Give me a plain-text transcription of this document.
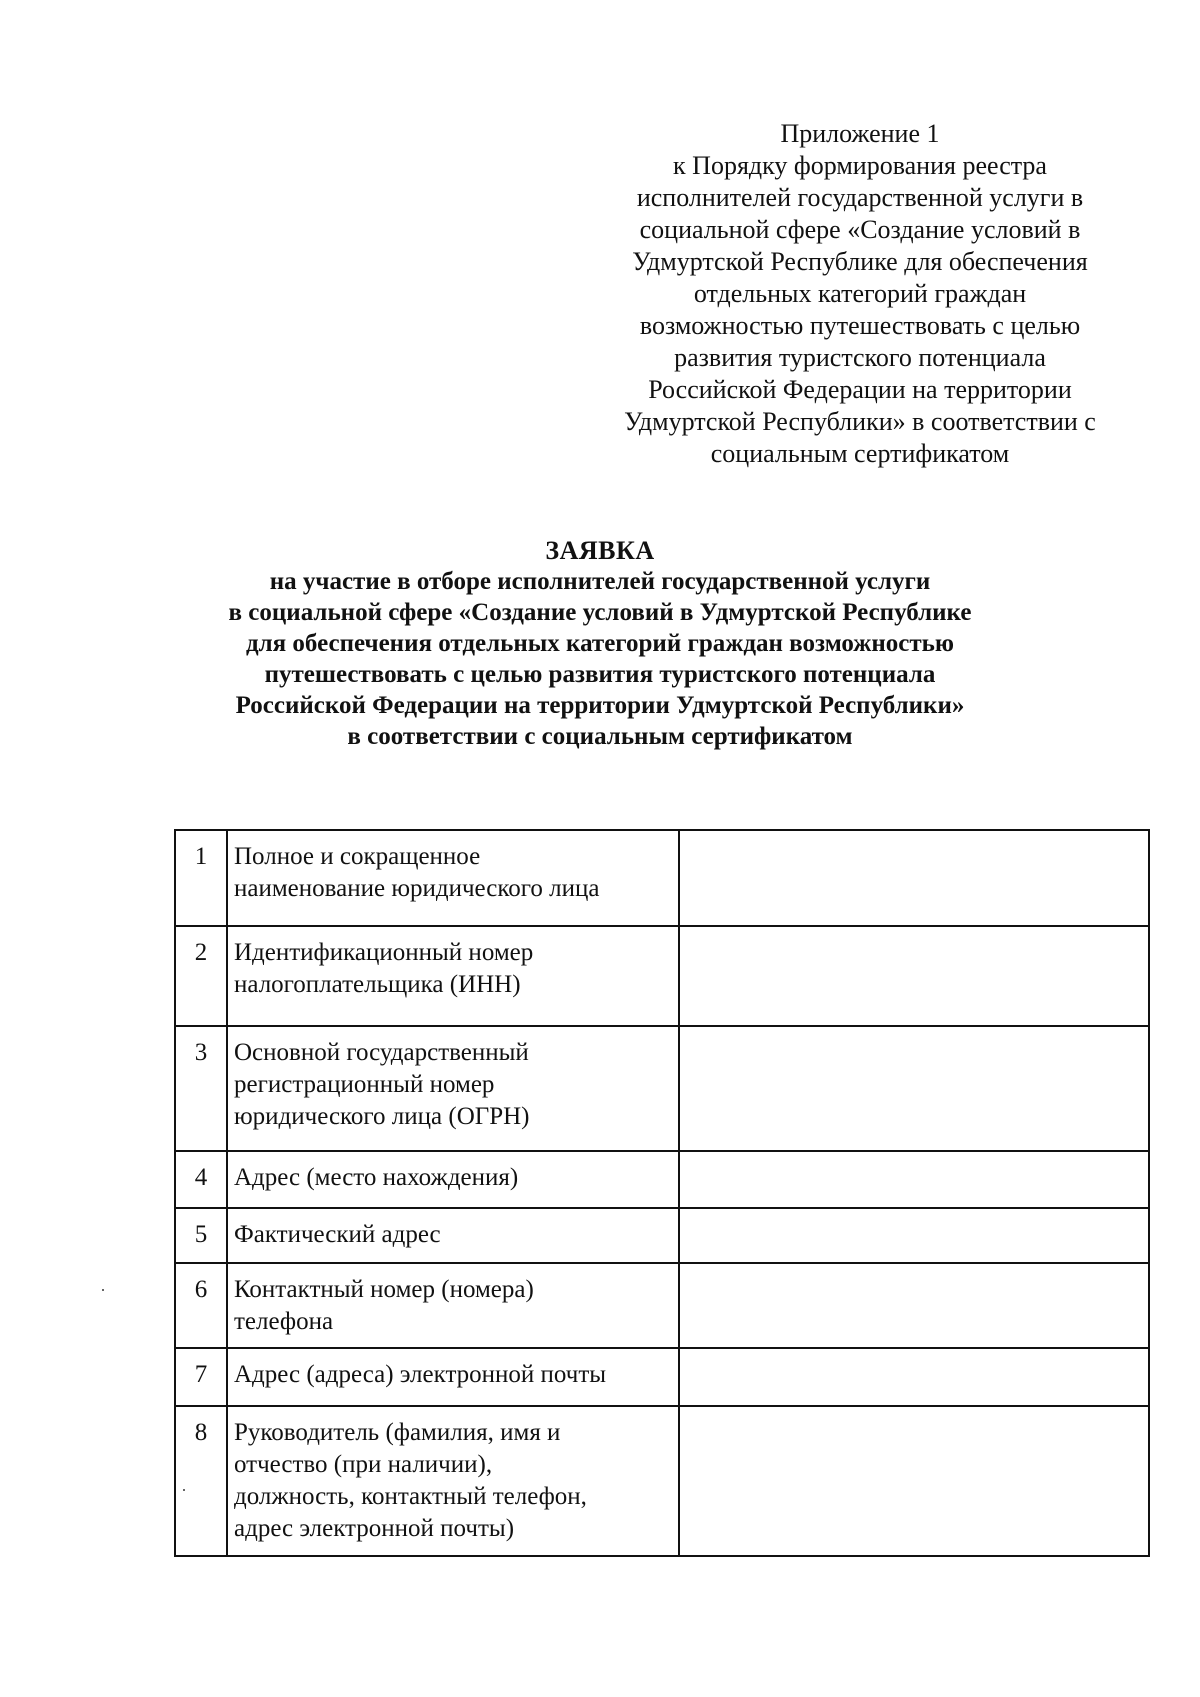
Приложение 1
к Порядку формирования реестра
исполнителей государственной услуги в
социальной сфере «Создание условий в
Удмуртской Республике для обеспечения
отдельных категорий граждан
возможностью путешествовать с целью
развития туристского потенциала
Российской Федерации на территории
Удмуртской Республики» в соответствии с
социальным сертификатом
ЗАЯВКА
на участие в отборе исполнителей государственной услуги
в социальной сфере «Создание условий в Удмуртской Республике
для обеспечения отдельных категорий граждан возможностью
путешествовать с целью развития туристского потенциала
Российской Федерации на территории Удмуртской Республики»
в соответствии с социальным сертификатом
1	Полное и сокращенное
наименование юридического лица	

2	Идентификационный номер
налогоплательщика (ИНН)	

3	Основной государственный
регистрационный номер
юридического лица (ОГРН)	

4	Адрес (место нахождения)	

5	Фактический адрес	

6	Контактный номер (номера)
телефона	

7	Адрес (адреса) электронной почты	

8	Руководитель (фамилия, имя и
отчество (при наличии),
должность, контактный телефон,
адрес электронной почты)	
